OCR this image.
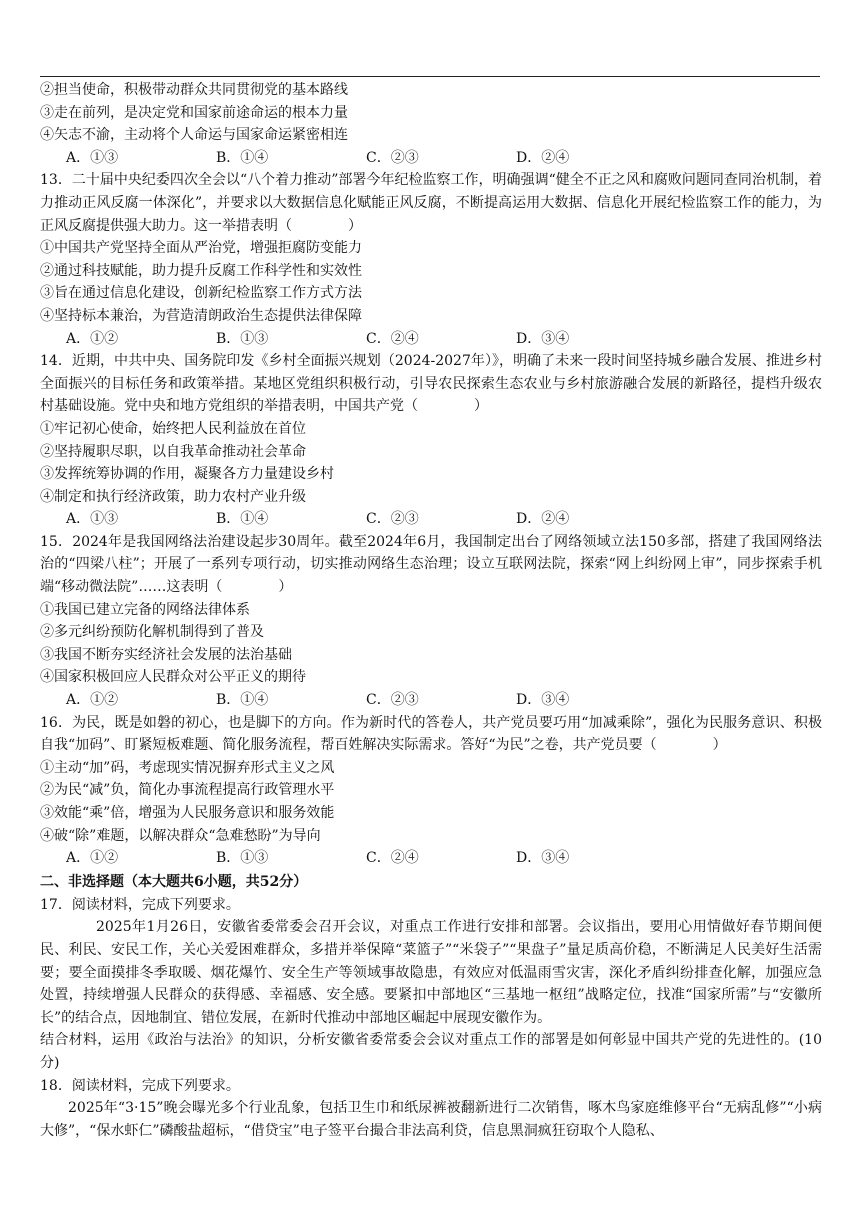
②担当使命，积极带动群众共同贯彻党的基本路线
③走在前列，是决定党和国家前途命运的根本力量
④矢志不渝，主动将个人命运与国家命运紧密相连
A．①③	B．①④	C．②③	D．②④
13．二十届中央纪委四次全会以“八个着力推动”部署今年纪检监察工作，明确强调“健全不正之风和腐败问题同查同治机制，着力推动正风反腐一体深化”，并要求以大数据信息化赋能正风反腐，不断提高运用大数据、信息化开展纪检监察工作的能力，为正风反腐提供强大助力。这一举措表明（　　　　）
①中国共产党坚持全面从严治党，增强拒腐防变能力
②通过科技赋能，助力提升反腐工作科学性和实效性
③旨在通过信息化建设，创新纪检监察工作方式方法
④坚持标本兼治，为营造清朗政治生态提供法律保障
A．①②	B．①③	C．②④	D．③④
14．近期，中共中央、国务院印发《乡村全面振兴规划（2024-2027年）》，明确了未来一段时间坚持城乡融合发展、推进乡村全面振兴的目标任务和政策举措。某地区党组织积极行动，引导农民探索生态农业与乡村旅游融合发展的新路径，提档升级农村基础设施。党中央和地方党组织的举措表明，中国共产党（　　　　）
①牢记初心使命，始终把人民利益放在首位
②坚持履职尽职，以自我革命推动社会革命
③发挥统筹协调的作用，凝聚各方力量建设乡村
④制定和执行经济政策，助力农村产业升级
A．①③	B．①④	C．②③	D．②④
15．2024年是我国网络法治建设起步30周年。截至2024年6月，我国制定出台了网络领域立法150多部，搭建了我国网络法治的“四梁八柱”；开展了一系列专项行动，切实推动网络生态治理；设立互联网法院，探索“网上纠纷网上审”，同步探索手机端“移动微法院”……这表明（　　　　）
①我国已建立完备的网络法律体系
②多元纠纷预防化解机制得到了普及
③我国不断夯实经济社会发展的法治基础
④国家积极回应人民群众对公平正义的期待
A．①②	B．①④	C．②③	D．③④
16．为民，既是如磐的初心，也是脚下的方向。作为新时代的答卷人，共产党员要巧用“加减乘除”，强化为民服务意识、积极自我“加码”、盯紧短板难题、简化服务流程，帮百姓解决实际需求。答好“为民”之卷，共产党员要（　　　　）
①主动“加”码，考虑现实情况摒弃形式主义之风
②为民“减”负，简化办事流程提高行政管理水平
③效能“乘”倍，增强为人民服务意识和服务效能
④破“除”难题，以解决群众“急难愁盼”为导向
A．①②	B．①③	C．②④	D．③④
二、非选择题（本大题共6小题，共52分）
17．阅读材料，完成下列要求。
2025年1月26日，安徽省委常委会召开会议，对重点工作进行安排和部署。会议指出，要用心用情做好春节期间便民、利民、安民工作，关心关爱困难群众，多措并举保障“菜篮子”“米袋子”“果盘子”量足质高价稳，不断满足人民美好生活需要；要全面摸排冬季取暖、烟花爆竹、安全生产等领域事故隐患，有效应对低温雨雪灾害，深化矛盾纠纷排查化解，加强应急处置，持续增强人民群众的获得感、幸福感、安全感。要紧扣中部地区“三基地一枢纽”战略定位，找准“国家所需”与“安徽所长”的结合点，因地制宜、错位发展，在新时代推动中部地区崛起中展现安徽作为。
结合材料，运用《政治与法治》的知识，分析安徽省委常委会会议对重点工作的部署是如何彰显中国共产党的先进性的。(10分)
18．阅读材料，完成下列要求。
2025年“3·15”晚会曝光多个行业乱象，包括卫生巾和纸尿裤被翻新进行二次销售，啄木鸟家庭维修平台“无病乱修”“小病大修”，“保水虾仁”磷酸盐超标，“借贷宝”电子签平台撮合非法高利贷，信息黑洞疯狂窃取个人隐私、
